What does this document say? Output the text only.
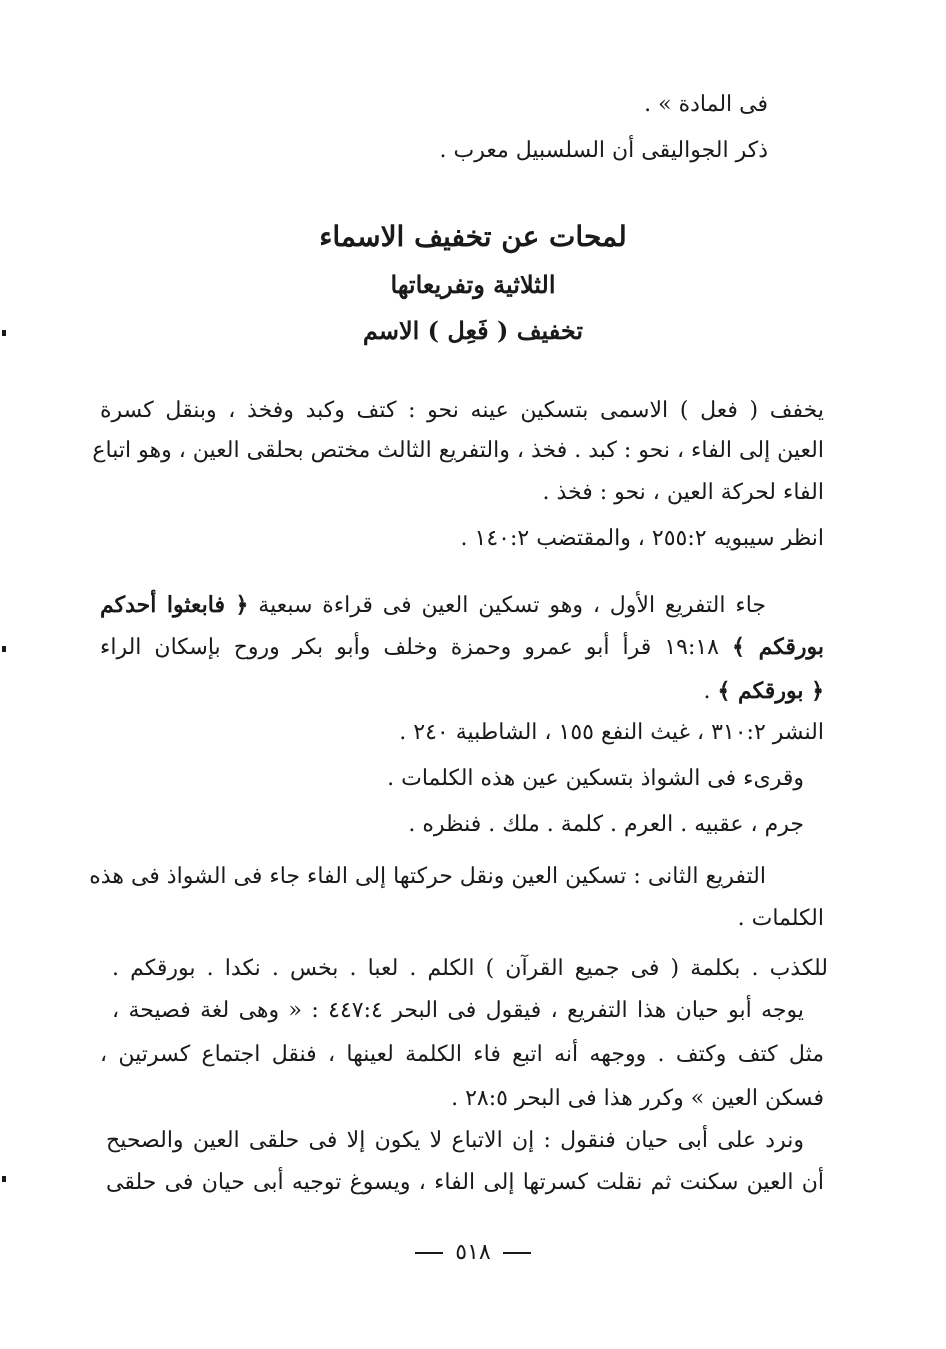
فى المادة » .
ذكر الجواليقى أن السلسبيل معرب .
لمحات عن تخفيف الاسماء
الثلاثية وتفريعاتها
تخفيف ( فَعِل ) الاسم
يخفف ( فعل ) الاسمى بتسكين عينه نحو : كتف وكبد وفخذ ، وبنقل كسرة
العين إلى الفاء ، نحو : كبد . فخذ ، والتفريع الثالث مختص بحلقى العين ، وهو اتباع
الفاء لحركة العين ، نحو : فخذ .
انظر سيبويه ٢٥٥:٢ ، والمقتضب ١٤٠:٢ .
جاء التفريع الأول ، وهو تسكين العين فى قراءة سبعية ﴿ فابعثوا أحدكم
بورقكم ﴾ ١٩:١٨ قرأ أبو عمرو وحمزة وخلف وأبو بكر وروح بإسكان الراء
﴿ بورقكم ﴾ .
النشر ٣١٠:٢ ، غيث النفع ١٥٥ ، الشاطبية ٢٤٠ .
وقرىء فى الشواذ بتسكين عين هذه الكلمات .
جرم ، عقبيه . العرم . كلمة . ملك . فنظره .
التفريع الثانى : تسكين العين ونقل حركتها إلى الفاء جاء فى الشواذ فى هذه
الكلمات .
للكذب . بكلمة ( فى جميع القرآن ) الكلم . لعبا . بخس . نكدا . بورقكم .
يوجه أبو حيان هذا التفريع ، فيقول فى البحر ٤٤٧:٤ : « وهى لغة فصيحة ،
مثل كتف وكتف . ووجهه أنه اتبع فاء الكلمة لعينها ، فنقل اجتماع كسرتين ،
فسكن العين » وكرر هذا فى البحر ٢٨:٥ .
ونرد على أبى حيان فنقول : إن الاتباع لا يكون إلا فى حلقى العين والصحيح
أن العين سكنت ثم نقلت كسرتها إلى الفاء ، ويسوغ توجيه أبى حيان فى حلقى
٥١٨
